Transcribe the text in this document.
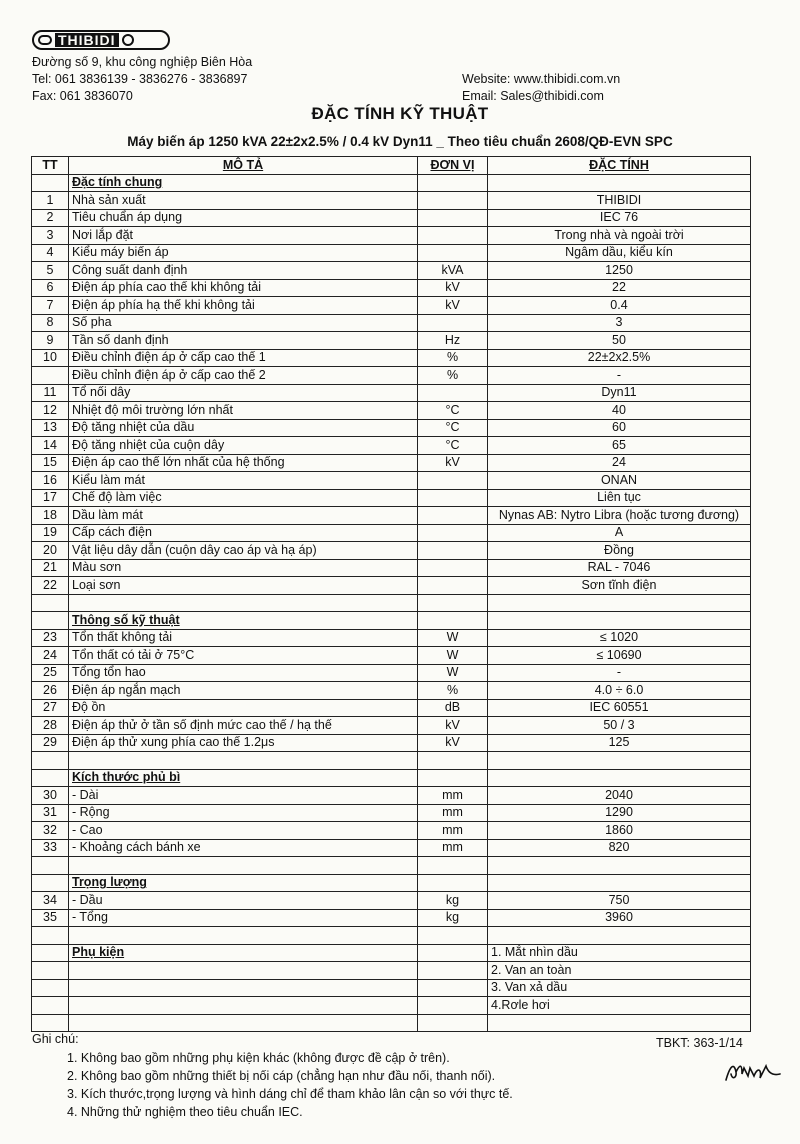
THIBIDI
Đường số 9, khu công nghiệp Biên Hòa
Tel: 061 3836139 - 3836276 - 3836897
Fax: 061 3836070
Website: www.thibidi.com.vn
Email: Sales@thibidi.com
ĐẶC TÍNH KỸ THUẬT
Máy biến áp 1250 kVA 22±2x2.5% / 0.4 kV Dyn11 _ Theo tiêu chuẩn 2608/QĐ-EVN SPC
TT	MÔ TẢ	ĐƠN VỊ	ĐẶC TÍNH
	Đặc tính chung		
1	Nhà sản xuất		THIBIDI
2	Tiêu chuẩn áp dụng		IEC 76
3	Nơi lắp đặt		Trong nhà và ngoài trời
4	Kiểu máy biến áp		Ngâm dầu, kiểu kín
5	Công suất danh định	kVA	1250
6	Điện áp phía cao thế khi không tải	kV	22
7	Điện áp phía hạ thế khi không tải	kV	0.4
8	Số pha		3
9	Tần số danh định	Hz	50
10	Điều chỉnh điện áp ở cấp cao thế 1	%	22±2x2.5%
	Điều chỉnh điện áp ở cấp cao thế 2	%	-
11	Tổ nối dây		Dyn11
12	Nhiệt độ môi trường lớn nhất	°C	40
13	Độ tăng nhiệt của dầu	°C	60
14	Độ tăng nhiệt của cuộn dây	°C	65
15	Điện áp cao thế lớn nhất của hệ thống	kV	24
16	Kiểu làm mát		ONAN
17	Chế độ làm việc		Liên tục
18	Dầu làm mát		Nynas AB: Nytro Libra (hoặc tương đương)
19	Cấp cách điện		A
20	Vật liệu dây dẫn (cuộn dây cao áp và hạ áp)		Đồng
21	Màu sơn		RAL - 7046
22	Loại sơn		Sơn tĩnh điện

	Thông số kỹ thuật		
23	Tổn thất không tải	W	≤ 1020
24	Tổn thất có tải ở 75°C	W	≤ 10690
25	Tổng tổn hao	W	-
26	Điện áp ngắn mạch	%	4.0 ÷ 6.0
27	Độ ồn	dB	IEC 60551
28	Điện áp thử ở tần số định mức cao thế / hạ thế	kV	50 / 3
29	Điện áp thử xung phía cao thế 1.2μs	kV	125

	Kích thước phủ bì		
30	- Dài	mm	2040
31	- Rộng	mm	1290
32	- Cao	mm	1860
33	- Khoảng cách bánh xe	mm	820

	Trọng lượng		
34	- Dầu	kg	750
35	- Tổng	kg	3960

	Phụ kiện		1. Mắt nhìn dầu
			2. Van an toàn
			3. Van xả dầu
			4.Rơle hơi

Ghi chú:	TBKT: 363-1/14
1. Không bao gồm những phụ kiện khác (không được đề cập ở trên).
2. Không bao gồm những thiết bị nối cáp (chẳng hạn như đầu nối, thanh nối).
3. Kích thước,trọng lượng và hình dáng chỉ để tham khảo lân cận so với thực tế.
4. Những thử nghiệm theo tiêu chuẩn IEC.
